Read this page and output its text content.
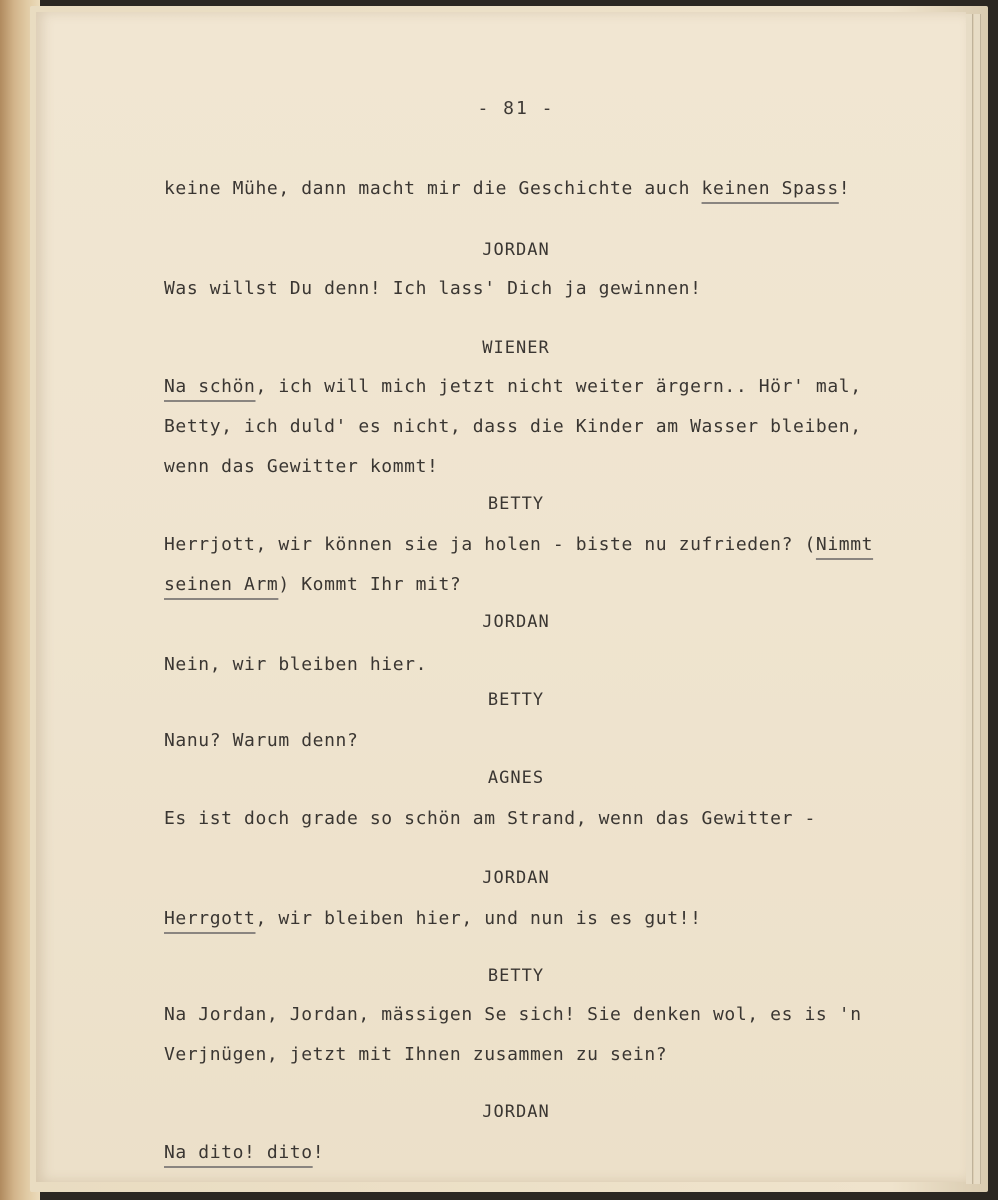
- 81 -
keine Mühe, dann macht mir die Geschichte auch keinen Spass!
JORDAN
Was willst Du denn! Ich lass' Dich ja gewinnen!
WIENER
Na schön, ich will mich jetzt nicht weiter ärgern.. Hör' mal,
Betty, ich duld' es nicht, dass die Kinder am Wasser bleiben,
wenn das Gewitter kommt!
BETTY
Herrjott, wir können sie ja holen - biste nu zufrieden? (Nimmt
seinen Arm) Kommt Ihr mit?
JORDAN
Nein, wir bleiben hier.
BETTY
Nanu? Warum denn?
AGNES
Es ist doch grade so schön am Strand, wenn das Gewitter -
JORDAN
Herrgott, wir bleiben hier, und nun is es gut!!
BETTY
Na Jordan, Jordan, mässigen Se sich! Sie denken wol, es is 'n
Verjnügen, jetzt mit Ihnen zusammen zu sein?
JORDAN
Na dito! dito!
